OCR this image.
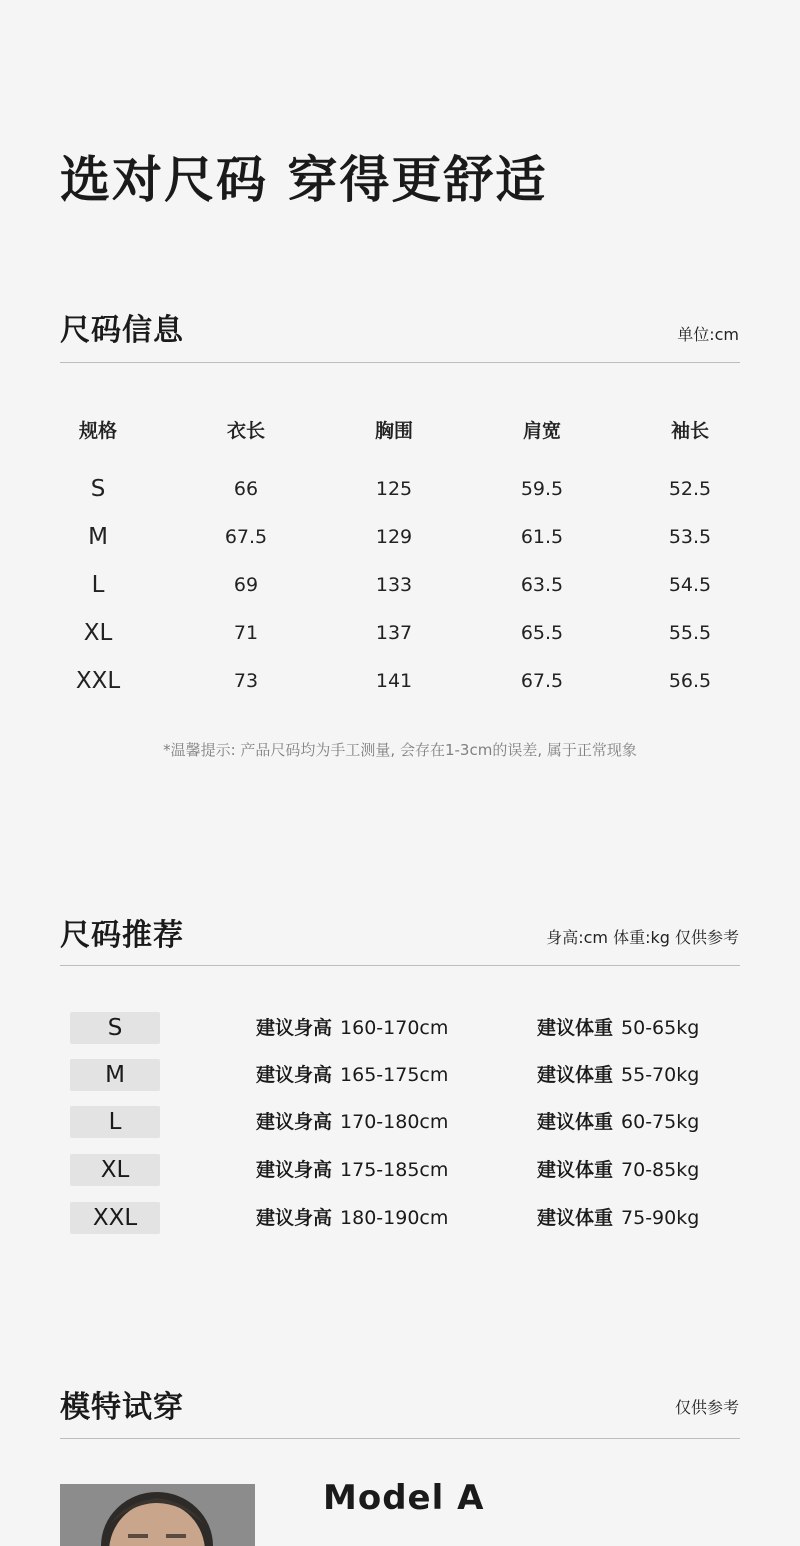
选对尺码 穿得更舒适
尺码信息	单位:cm
规格	衣长	胸围	肩宽	袖长
S	66	125	59.5	52.5
M	67.5	129	61.5	53.5
L	69	133	63.5	54.5
XL	71	137	65.5	55.5
XXL	73	141	67.5	56.5
*温馨提示: 产品尺码均为手工测量, 会存在1-3cm的误差, 属于正常现象
尺码推荐	身高:cm 体重:kg 仅供参考
S	建议身高 160-170cm	建议体重 50-65kg
M	建议身高 165-175cm	建议体重 55-70kg
L	建议身高 170-180cm	建议体重 60-75kg
XL	建议身高 175-185cm	建议体重 70-85kg
XXL	建议身高 180-190cm	建议体重 75-90kg
模特试穿	仅供参考
Model A
